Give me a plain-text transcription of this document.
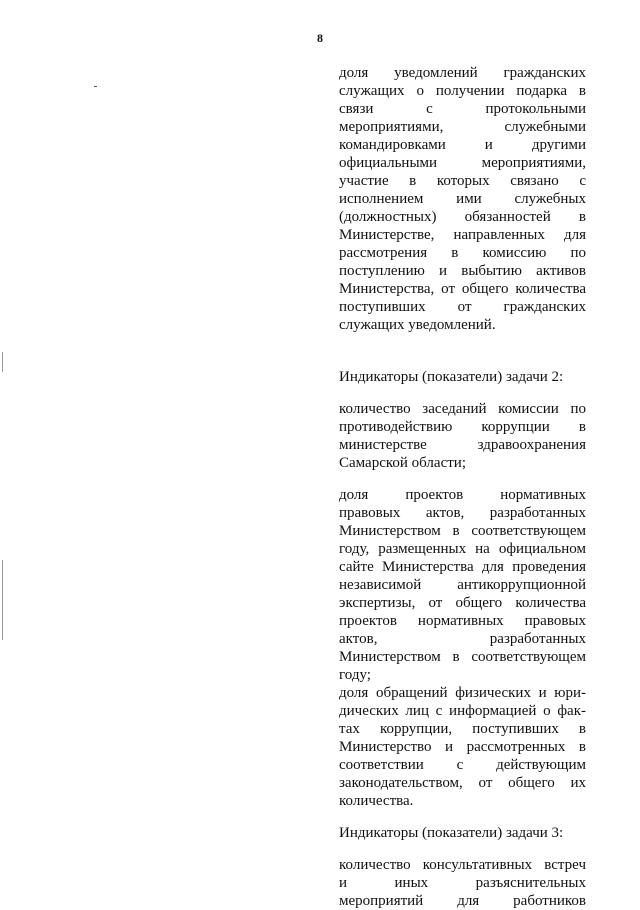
8
доля уведомлений гражданских
служащих о получении подарка в
связи с протокольными
мероприятиями, служебными
командировками и другими
официальными мероприятиями,
участие в которых связано с
исполнением ими служебных
(должностных) обязанностей в
Министерстве, направленных для
рассмотрения в комиссию по
поступлению и выбытию активов
Министерства, от общего количества
поступивших от гражданских
служащих уведомлений.
Индикаторы (показатели) задачи 2:
количество заседаний комиссии по
противодействию коррупции в
министерстве здравоохранения
Самарской области;
доля проектов нормативных
правовых актов, разработанных
Министерством в соответствующем
году, размещенных на официальном
сайте Министерства для проведения
независимой антикоррупционной
экспертизы, от общего количества
проектов нормативных правовых
актов, разработанных
Министерством в соответствующем
году;
доля обращений физических и юри-
дических лиц с информацией о фак-
тах коррупции, поступивших в
Министерство и рассмотренных в
соответствии с действующим
законодательством, от общего их
количества.
Индикаторы (показатели) задачи 3:
количество консультативных встреч
и иных разъяснительных
мероприятий для работников
